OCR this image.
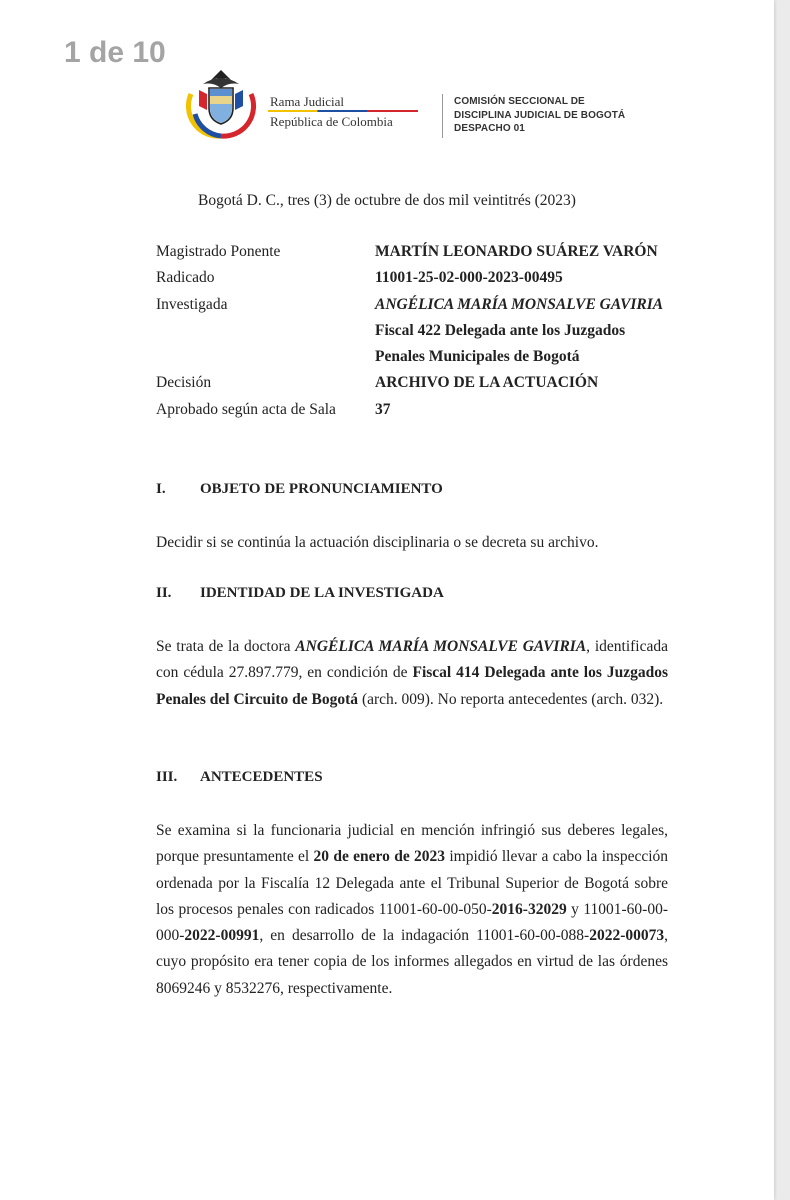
1 de 10
Rama Judicial
República de Colombia
COMISIÓN SECCIONAL DE
DISCIPLINA JUDICIAL DE BOGOTÁ
DESPACHO 01
Bogotá D. C., tres (3) de octubre de dos mil veintitrés (2023)
Magistrado Ponente	MARTÍN LEONARDO SUÁREZ VARÓN
Radicado	11001-25-02-000-2023-00495
Investigada	ANGÉLICA MARÍA MONSALVE GAVIRIA
Fiscal 422 Delegada ante los Juzgados
Penales Municipales de Bogotá
Decisión	ARCHIVO DE LA ACTUACIÓN
Aprobado según acta de Sala	37
I. OBJETO DE PRONUNCIAMIENTO

Decidir si se continúa la actuación disciplinaria o se decreta su archivo.

II. IDENTIDAD DE LA INVESTIGADA

Se trata de la doctora ANGÉLICA MARÍA MONSALVE GAVIRIA, identificada con cédula 27.897.779, en condición de Fiscal 414 Delegada ante los Juzgados Penales del Circuito de Bogotá (arch. 009). No reporta antecedentes (arch. 032).

III. ANTECEDENTES

Se examina si la funcionaria judicial en mención infringió sus deberes legales, porque presuntamente el 20 de enero de 2023 impidió llevar a cabo la inspección ordenada por la Fiscalía 12 Delegada ante el Tribunal Superior de Bogotá sobre los procesos penales con radicados 11001-60-00-050-2016-32029 y 11001-60-00-000-2022-00991, en desarrollo de la indagación 11001-60-00-088-2022-00073, cuyo propósito era tener copia de los informes allegados en virtud de las órdenes 8069246 y 8532276, respectivamente.
